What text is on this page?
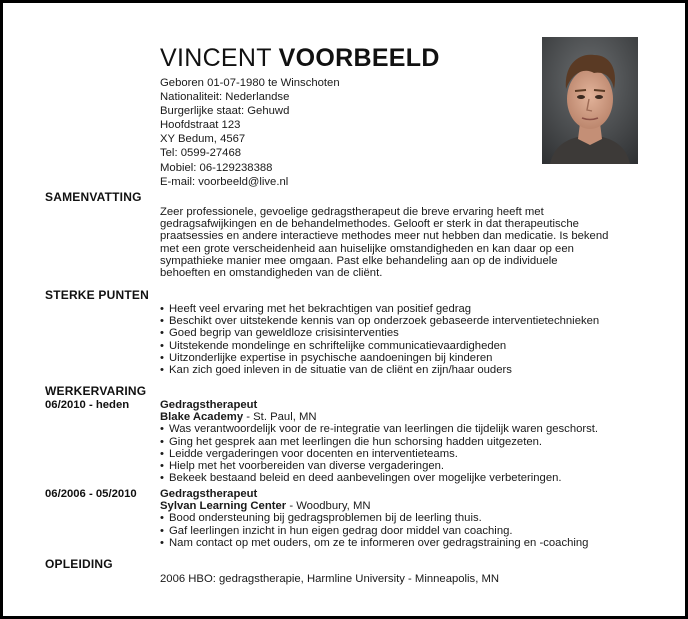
VINCENT VOORBEELD
Geboren 01-07-1980 te Winschoten
Nationaliteit: Nederlandse
Burgerlijke staat: Gehuwd
Hoofdstraat 123
XY Bedum, 4567
Tel: 0599-27468
Mobiel: 06-129238388
E-mail: voorbeeld@live.nl
SAMENVATTING
Zeer professionele, gevoelige gedragstherapeut die breve ervaring heeft met
gedragsafwijkingen en de behandelmethodes. Gelooft er sterk in dat therapeutische
praatsessies en andere interactieve methodes meer nut hebben dan medicatie. Is bekend
met een grote verscheidenheid aan huiselijke omstandigheden en kan daar op een
sympathieke manier mee omgaan. Past elke behandeling aan op de individuele
behoeften en omstandigheden van de cliënt.
STERKE PUNTEN
• Heeft veel ervaring met het bekrachtigen van positief gedrag
• Beschikt over uitstekende kennis van op onderzoek gebaseerde interventietechnieken
• Goed begrip van geweldloze crisisinterventies
• Uitstekende mondelinge en schriftelijke communicatievaardigheden
• Uitzonderlijke expertise in psychische aandoeningen bij kinderen
• Kan zich goed inleven in de situatie van de cliënt en zijn/haar ouders
WERKERVARING
06/2010 - heden	Gedragstherapeut
Blake Academy - St. Paul, MN
• Was verantwoordelijk voor de re-integratie van leerlingen die tijdelijk waren geschorst.
• Ging het gesprek aan met leerlingen die hun schorsing hadden uitgezeten.
• Leidde vergaderingen voor docenten en interventieteams.
• Hielp met het voorbereiden van diverse vergaderingen.
• Bekeek bestaand beleid en deed aanbevelingen over mogelijke verbeteringen.
06/2006 - 05/2010 Gedragstherapeut
Sylvan Learning Center - Woodbury, MN
• Bood ondersteuning bij gedragsproblemen bij de leerling thuis.
• Gaf leerlingen inzicht in hun eigen gedrag door middel van coaching.
• Nam contact op met ouders, om ze te informeren over gedragstraining en -coaching
OPLEIDING
2006 HBO: gedragstherapie, Harmline University - Minneapolis, MN
